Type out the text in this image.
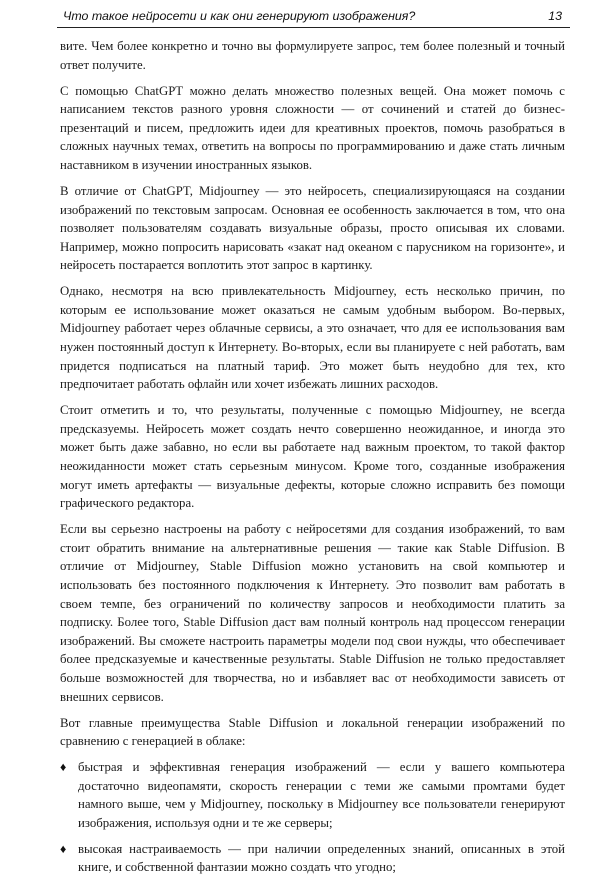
Что такое нейросети и как они генерируют изображения?	13

вите. Чем более конкретно и точно вы формулируете запрос, тем более полезный и точный ответ получите.

С помощью ChatGPT можно делать множество полезных вещей. Она может помочь с написанием текстов разного уровня сложности — от сочинений и статей до бизнес-презентаций и писем, предложить идеи для креативных проектов, помочь разобраться в сложных научных темах, ответить на вопросы по программированию и даже стать личным наставником в изучении иностранных языков.

В отличие от ChatGPT, Midjourney — это нейросеть, специализирующаяся на создании изображений по текстовым запросам. Основная ее особенность заключается в том, что она позволяет пользователям создавать визуальные образы, просто описывая их словами. Например, можно попросить нарисовать «закат над океаном с парусником на горизонте», и нейросеть постарается воплотить этот запрос в картинку.

Однако, несмотря на всю привлекательность Midjourney, есть несколько причин, по которым ее использование может оказаться не самым удобным выбором. Во-первых, Midjourney работает через облачные сервисы, а это означает, что для ее использования вам нужен постоянный доступ к Интернету. Во-вторых, если вы планируете с ней работать, вам придется подписаться на платный тариф. Это может быть неудобно для тех, кто предпочитает работать офлайн или хочет избежать лишних расходов.

Стоит отметить и то, что результаты, полученные с помощью Midjourney, не всегда предсказуемы. Нейросеть может создать нечто совершенно неожиданное, и иногда это может быть даже забавно, но если вы работаете над важным проектом, то такой фактор неожиданности может стать серьезным минусом. Кроме того, созданные изображения могут иметь артефакты — визуальные дефекты, которые сложно исправить без помощи графического редактора.

Если вы серьезно настроены на работу с нейросетями для создания изображений, то вам стоит обратить внимание на альтернативные решения — такие как Stable Diffusion. В отличие от Midjourney, Stable Diffusion можно установить на свой компьютер и использовать без постоянного подключения к Интернету. Это позволит вам работать в своем темпе, без ограничений по количеству запросов и необходимости платить за подписку. Более того, Stable Diffusion даст вам полный контроль над процессом генерации изображений. Вы сможете настроить параметры модели под свои нужды, что обеспечивает более предсказуемые и качественные результаты. Stable Diffusion не только предоставляет больше возможностей для творчества, но и избавляет вас от необходимости зависеть от внешних сервисов.

Вот главные преимущества Stable Diffusion и локальной генерации изображений по сравнению с генерацией в облаке:

♦ быстрая и эффективная генерация изображений — если у вашего компьютера достаточно видеопамяти, скорость генерации с теми же самыми промтами будет намного выше, чем у Midjourney, поскольку в Midjourney все пользователи генерируют изображения, используя одни и те же серверы;
♦ высокая настраиваемость — при наличии определенных знаний, описанных в этой книге, и собственной фантазии можно создать что угодно;
